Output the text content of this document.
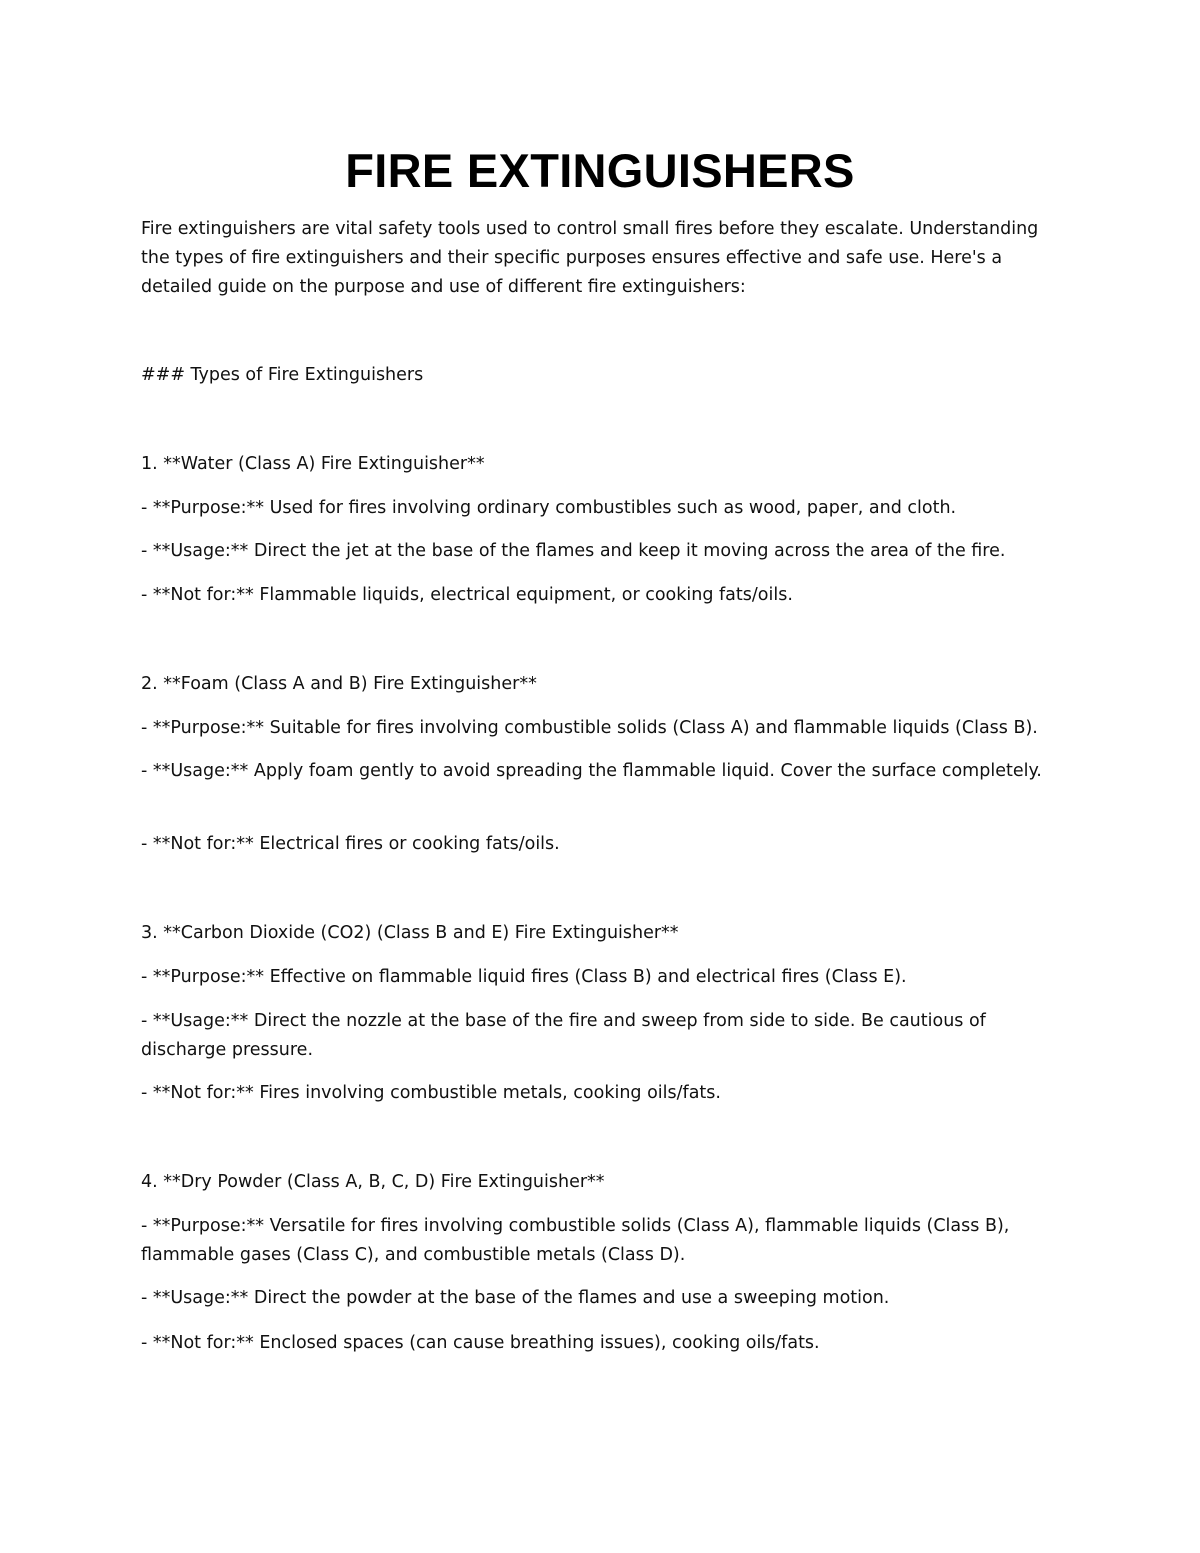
FIRE EXTINGUISHERS

Fire extinguishers are vital safety tools used to control small fires before they escalate. Understanding the types of fire extinguishers and their specific purposes ensures effective and safe use. Here's a detailed guide on the purpose and use of different fire extinguishers:

### Types of Fire Extinguishers

1. **Water (Class A) Fire Extinguisher**

- **Purpose:** Used for fires involving ordinary combustibles such as wood, paper, and cloth.

- **Usage:** Direct the jet at the base of the flames and keep it moving across the area of the fire.

- **Not for:** Flammable liquids, electrical equipment, or cooking fats/oils.

2. **Foam (Class A and B) Fire Extinguisher**

- **Purpose:** Suitable for fires involving combustible solids (Class A) and flammable liquids (Class B).

- **Usage:** Apply foam gently to avoid spreading the flammable liquid. Cover the surface completely.

- **Not for:** Electrical fires or cooking fats/oils.

3. **Carbon Dioxide (CO2) (Class B and E) Fire Extinguisher**

- **Purpose:** Effective on flammable liquid fires (Class B) and electrical fires (Class E).

- **Usage:** Direct the nozzle at the base of the fire and sweep from side to side. Be cautious of discharge pressure.

- **Not for:** Fires involving combustible metals, cooking oils/fats.

4. **Dry Powder (Class A, B, C, D) Fire Extinguisher**

- **Purpose:** Versatile for fires involving combustible solids (Class A), flammable liquids (Class B), flammable gases (Class C), and combustible metals (Class D).

- **Usage:** Direct the powder at the base of the flames and use a sweeping motion.

- **Not for:** Enclosed spaces (can cause breathing issues), cooking oils/fats.
